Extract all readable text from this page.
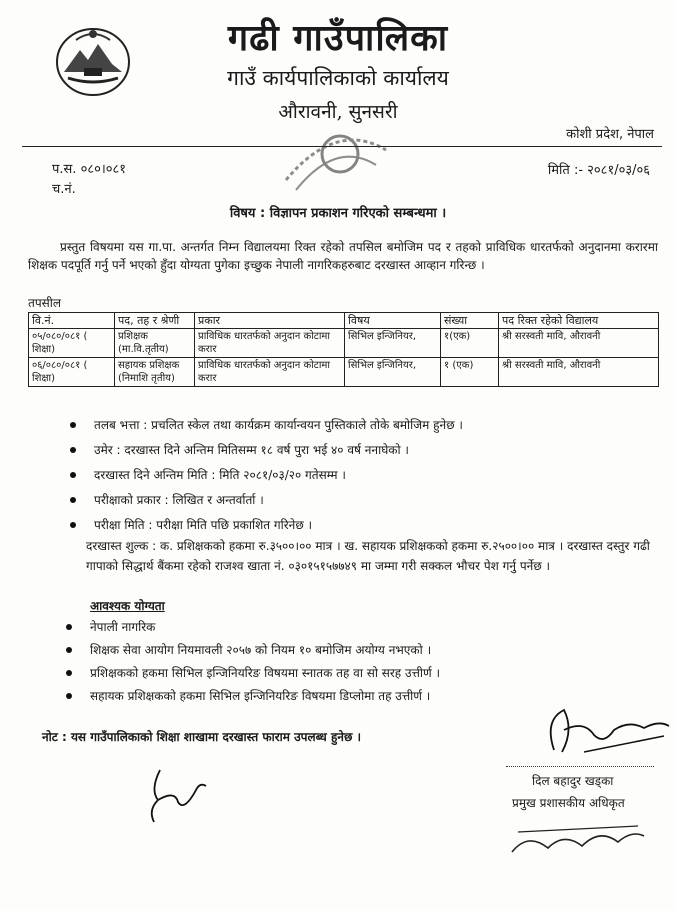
गढी गाउँपालिका
गाउँ कार्यपालिकाको कार्यालय
औरावनी, सुनसरी
कोशी प्रदेश, नेपाल
प.स. ०८०।०८१
च.नं.
मिति :- २०८१/०३/०६
विषय : विज्ञापन प्रकाशन गरिएको सम्बन्धमा ।
प्रस्तुत विषयमा यस गा.पा. अन्तर्गत निम्न विद्यालयमा रिक्त रहेको तपसिल बमोजिम पद र तहको प्राविधिक धारतर्फको अनुदानमा करारमा शिक्षक पदपूर्ति गर्नु पर्ने भएको हुँदा योग्यता पुगेका इच्छुक नेपाली नागरिकहरुबाट दरखास्त आव्हान गरिन्छ ।
तपसील
वि.नं.	पद, तह र श्रेणी	प्रकार	विषय	संख्या	पद रिक्त रहेको विद्यालय
०५/०८०/०८१ ( शिक्षा)	प्रशिक्षक (मा.वि.तृतीय)	प्राविधिक धारतर्फको अनुदान कोटामा करार	सिभिल इन्जिनियर,	१(एक)	श्री सरस्वती मावि, औरावनी
०६/०८०/०८१ ( शिक्षा)	सहायक प्रशिक्षक (निमाशि तृतीय)	प्राविधिक धारतर्फको अनुदान कोटामा करार	सिभिल इन्जिनियर,	१ (एक)	श्री सरस्वती मावि, औरावनी
तलब भत्ता : प्रचलित स्केल तथा कार्यक्रम कार्यान्वयन पुस्तिकाले तोके बमोजिम हुनेछ ।
उमेर : दरखास्त दिने अन्तिम मितिसम्म १८ वर्ष पुरा भई ४० वर्ष ननाघेको ।
दरखास्त दिने अन्तिम मिति : मिति २०८१/०३/२० गतेसम्म ।
परीक्षाको प्रकार : लिखित र अन्तर्वार्ता ।
परीक्षा मिति : परीक्षा मिति पछि प्रकाशित गरिनेछ ।
दरखास्त शुल्क : क. प्रशिक्षकको हकमा रु.३५००।०० मात्र । ख. सहायक प्रशिक्षकको हकमा रु.२५००।०० मात्र । दरखास्त दस्तुर गढी गापाको सिद्धार्थ बैंकमा रहेको राजश्व खाता नं. ०३०१५१५७७४९ मा जम्मा गरी सक्कल भौचर पेश गर्नु पर्नेछ ।
आवश्यक योग्यता
नेपाली नागरिक
शिक्षक सेवा आयोग नियमावली २०५७ को नियम १० बमोजिम अयोग्य नभएको ।
प्रशिक्षकको हकमा सिभिल इन्जिनियरिङ विषयमा स्नातक तह वा सो सरह उत्तीर्ण ।
सहायक प्रशिक्षकको हकमा सिभिल इन्जिनियरिङ विषयमा डिप्लोमा तह उत्तीर्ण ।
नोट : यस गाउँपालिकाको शिक्षा शाखामा दरखास्त फाराम उपलब्ध हुनेछ ।
दिल बहादुर खड्का
प्रमुख प्रशासकीय अधिकृत
